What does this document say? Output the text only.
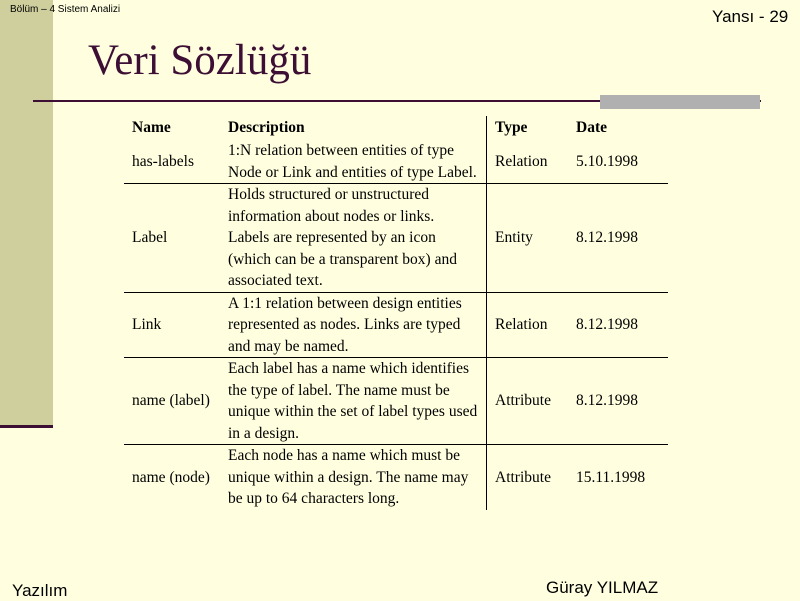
Bölüm – 4 Sistem Analizi	Yansı - 29
Veri Sözlüğü
Name	Description	Type	Date
has-labels	1:N relation between entities of type Node or Link and entities of type Label.	Relation	5.10.1998
Label	Holds structured or unstructured information about nodes or links. Labels are represented by an icon (which can be a transparent box) and associated text.	Entity	8.12.1998
Link	A 1:1 relation between design entities represented as nodes. Links are typed and may be named.	Relation	8.12.1998
name (label)	Each label has a name which identifies the type of label. The name must be unique within the set of label types used in a design.	Attribute	8.12.1998
name (node)	Each node has a name which must be unique within a design. The name may be up to 64 characters long.	Attribute	15.11.1998
Yazılım	Güray YILMAZ
